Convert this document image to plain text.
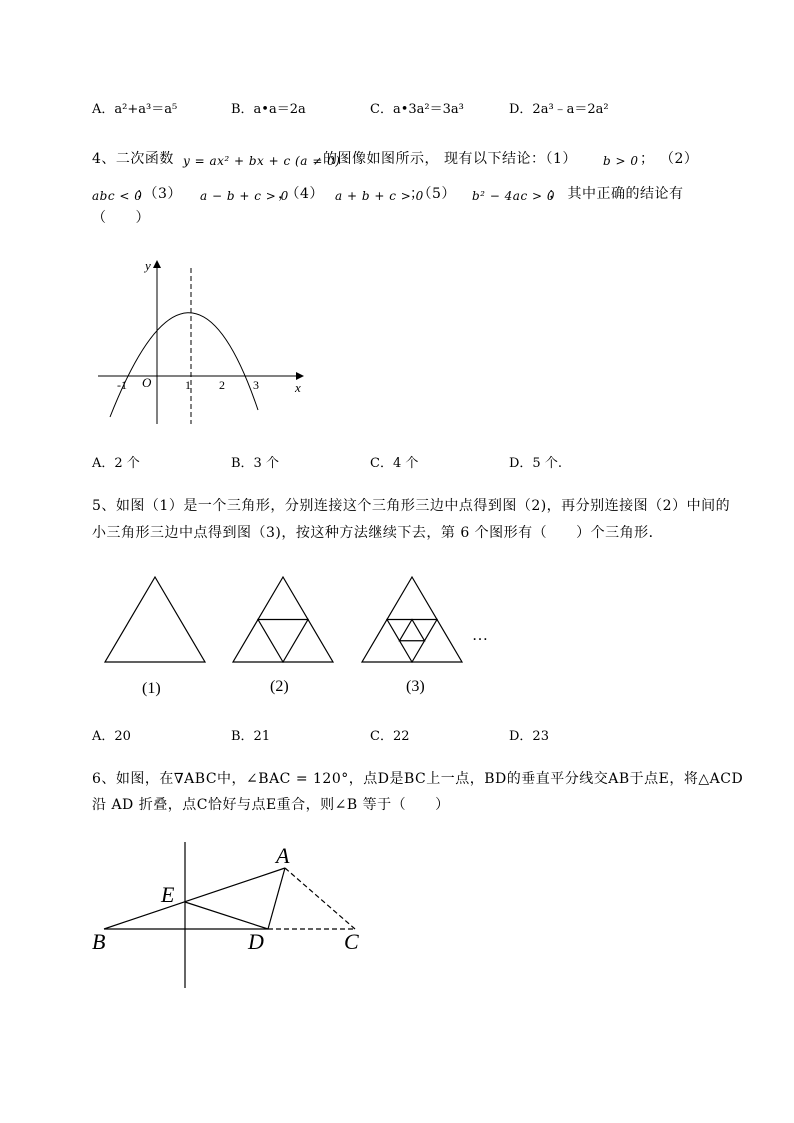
A．a²+a³＝a⁵	B．a•a＝2a	C．a•3a²＝3a³	D．2a³﹣a＝2a²
4、二次函数 y = ax² + bx + c (a ≠ 0)
的图像如图所示， 现有以下结论：（1） b > 0 ； （2）
abc < 0
；（3） a − b + c > 0
，（4） a + b + c > 0
；（5） b² − 4ac > 0
； 其中正确的结论有
（　　）
y
x
O
-1	1 2 3
A．2 个	B．3 个	C．4 个	D．5 个.
5、如图（1）是一个三角形，分别连接这个三角形三边中点得到图（2)，再分别连接图（2）中间的
小三角形三边中点得到图（3)，按这种方法继续下去，第 6 个图形有（　　）个三角形．
…
(1)	(2)	(3)
A．20	B．21	C．22	D．23
6、如图，在∇ABC中，∠BAC = 120°，点D是BC上一点，BD的垂直平分线交AB于点E，将△ACD
沿 AD 折叠，点C恰好与点E重合，则∠B 等于（　　）
A
E
B	D	C
